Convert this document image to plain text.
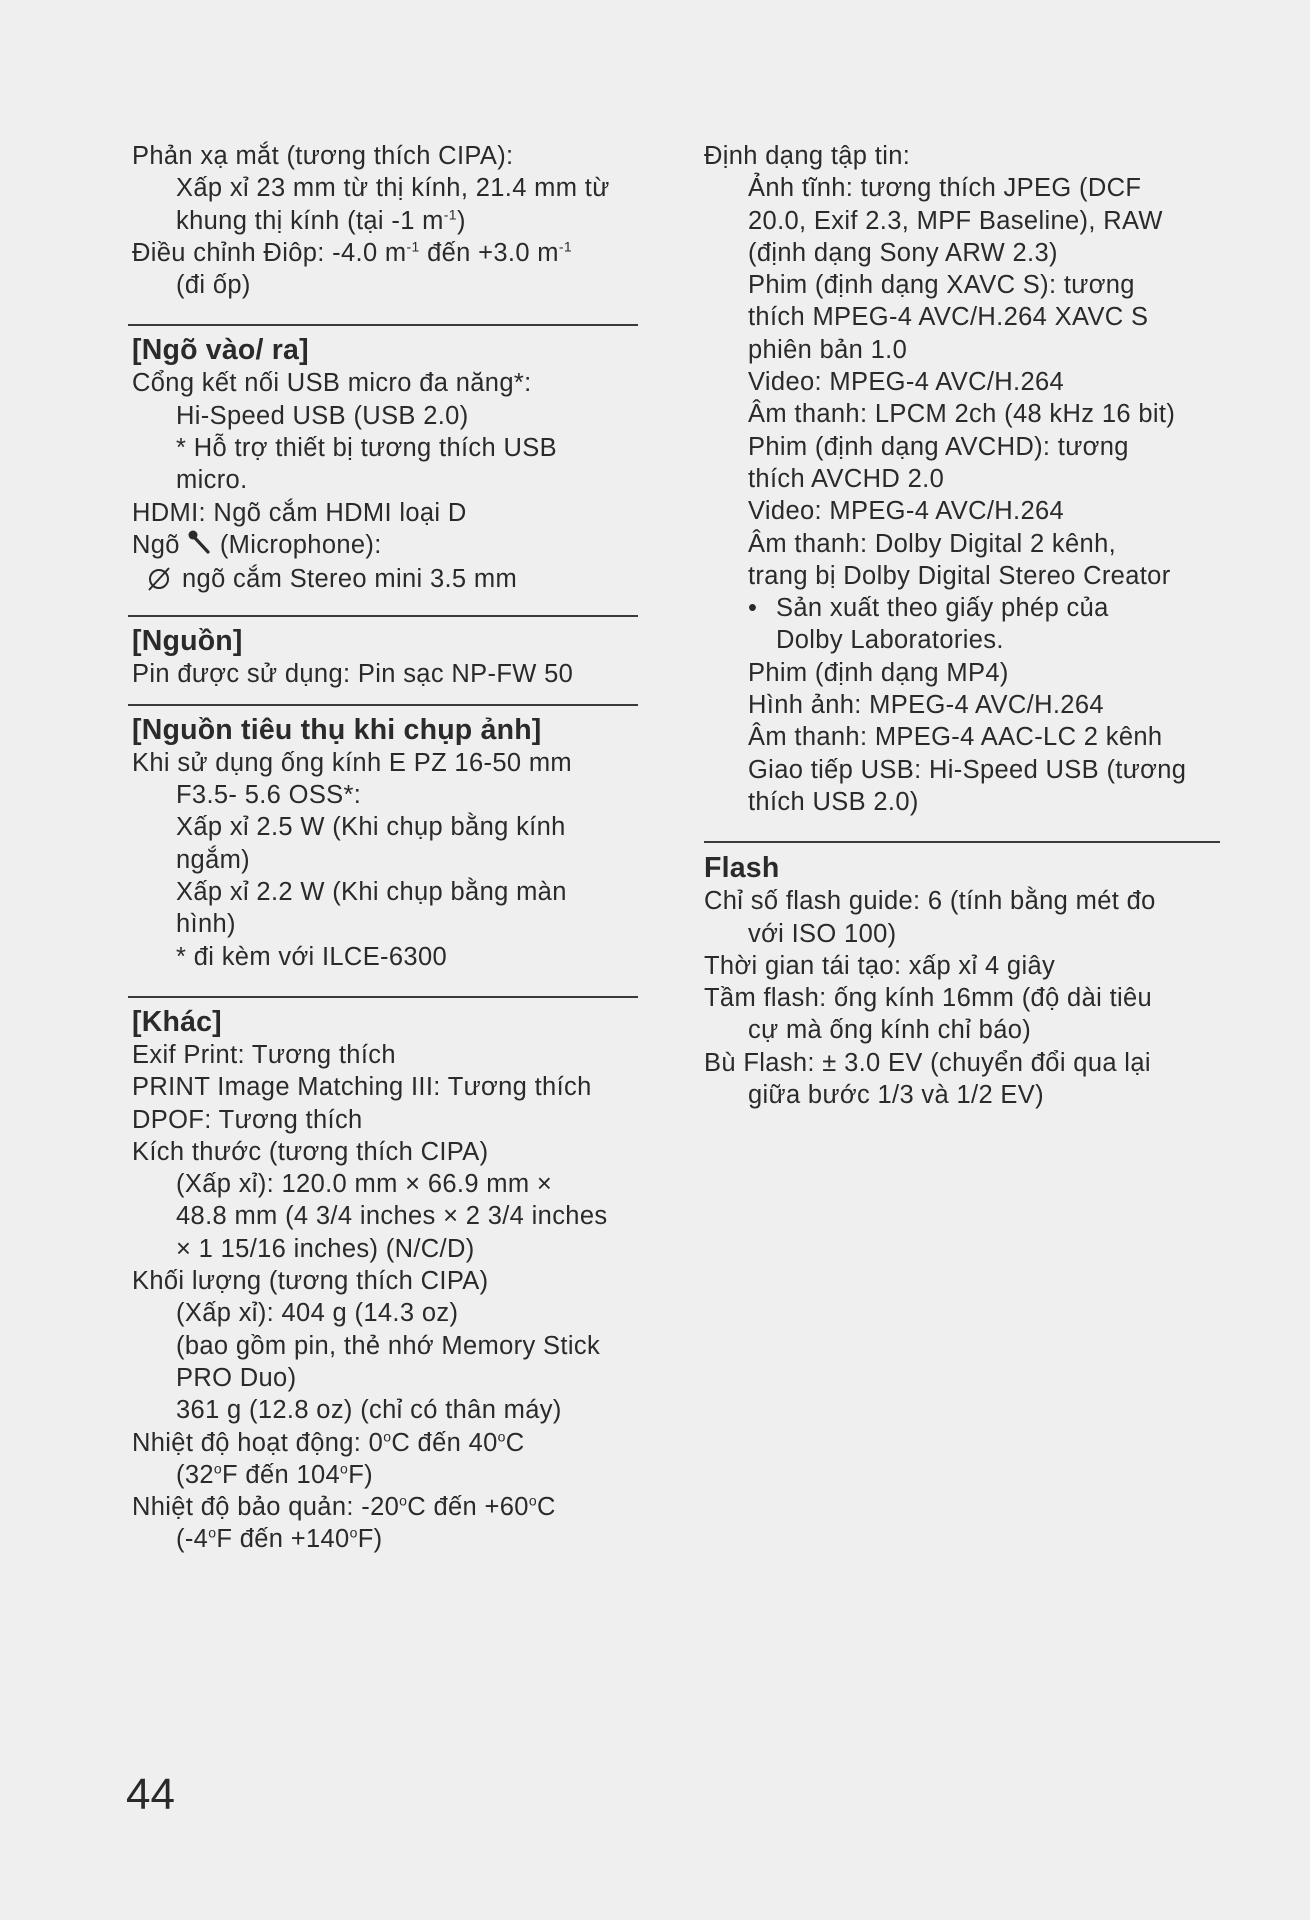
Phản xạ mắt (tương thích CIPA):
Xấp xỉ 23 mm từ thị kính, 21.4 mm từ
khung thị kính (tại -1 $m^{-1}$)
Điều chỉnh Điôp: -4.0 $m^{-1}$ đến +3.0 $m^{-1}$
(đi ốp)
[Ngõ vào/ ra]
Cổng kết nối USB micro đa năng*:
Hi-Speed USB (USB 2.0)
* Hỗ trợ thiết bị tương thích USB
micro.
HDMI: Ngõ cắm HDMI loại D
Ngõ (Microphone):
ngõ cắm Stereo mini 3.5 mm
[Nguồn]
Pin được sử dụng: Pin sạc NP-FW 50
[Nguồn tiêu thụ khi chụp ảnh]
Khi sử dụng ống kính E PZ 16-50 mm
F3.5- 5.6 OSS*:
Xấp xỉ 2.5 W (Khi chụp bằng kính
ngắm)
Xấp xỉ 2.2 W (Khi chụp bằng màn
hình)
* đi kèm với ILCE-6300
[Khác]
Exif Print: Tương thích
PRINT Image Matching III: Tương thích
DPOF: Tương thích
Kích thước (tương thích CIPA)
(Xấp xỉ): 120.0 mm × 66.9 mm ×
48.8 mm (4 3/4 inches × 2 3/4 inches
× 1 15/16 inches) (N/C/D)
Khối lượng (tương thích CIPA)
(Xấp xỉ): 404 g (14.3 oz)
(bao gồm pin, thẻ nhớ Memory Stick
PRO Duo)
361 g (12.8 oz) (chỉ có thân máy)
Nhiệt độ hoạt động: 0$^o$C đến 40$^o$C
(32$^o$F đến 104$^o$F)
Nhiệt độ bảo quản: -20$^o$C đến $+60^oC$
(-4$^o$F đến $+140^oF$)
Định dạng tập tin:
Ảnh tĩnh: tương thích JPEG (DCF
20.0, Exif 2.3, MPF Baseline), RAW
(định dạng Sony ARW 2.3)
Phim (định dạng XAVC S): tương
thích MPEG-4 AVC/H.264 XAVC S
phiên bản 1.0
Video: MPEG-4 AVC/H.264
Âm thanh: LPCM 2ch (48 kHz 16 bit)
Phim (định dạng AVCHD): tương
thích AVCHD 2.0
Video: MPEG-4 AVC/H.264
Âm thanh: Dolby Digital 2 kênh,
trang bị Dolby Digital Stereo Creator
• Sản xuất theo giấy phép của
Dolby Laboratories.
Phim (định dạng MP4)
Hình ảnh: MPEG-4 AVC/H.264
Âm thanh: MPEG-4 AAC-LC 2 kênh
Giao tiếp USB: Hi-Speed USB (tương
thích USB 2.0)
Flash
Chỉ số flash guide: 6 (tính bằng mét đo
với ISO 100)
Thời gian tái tạo: xấp xỉ 4 giây
Tầm flash: ống kính 16mm (độ dài tiêu
cự mà ống kính chỉ báo)
Bù Flash: ± 3.0 EV (chuyển đổi qua lại
giữa bước 1/3 và 1/2 EV)
44
